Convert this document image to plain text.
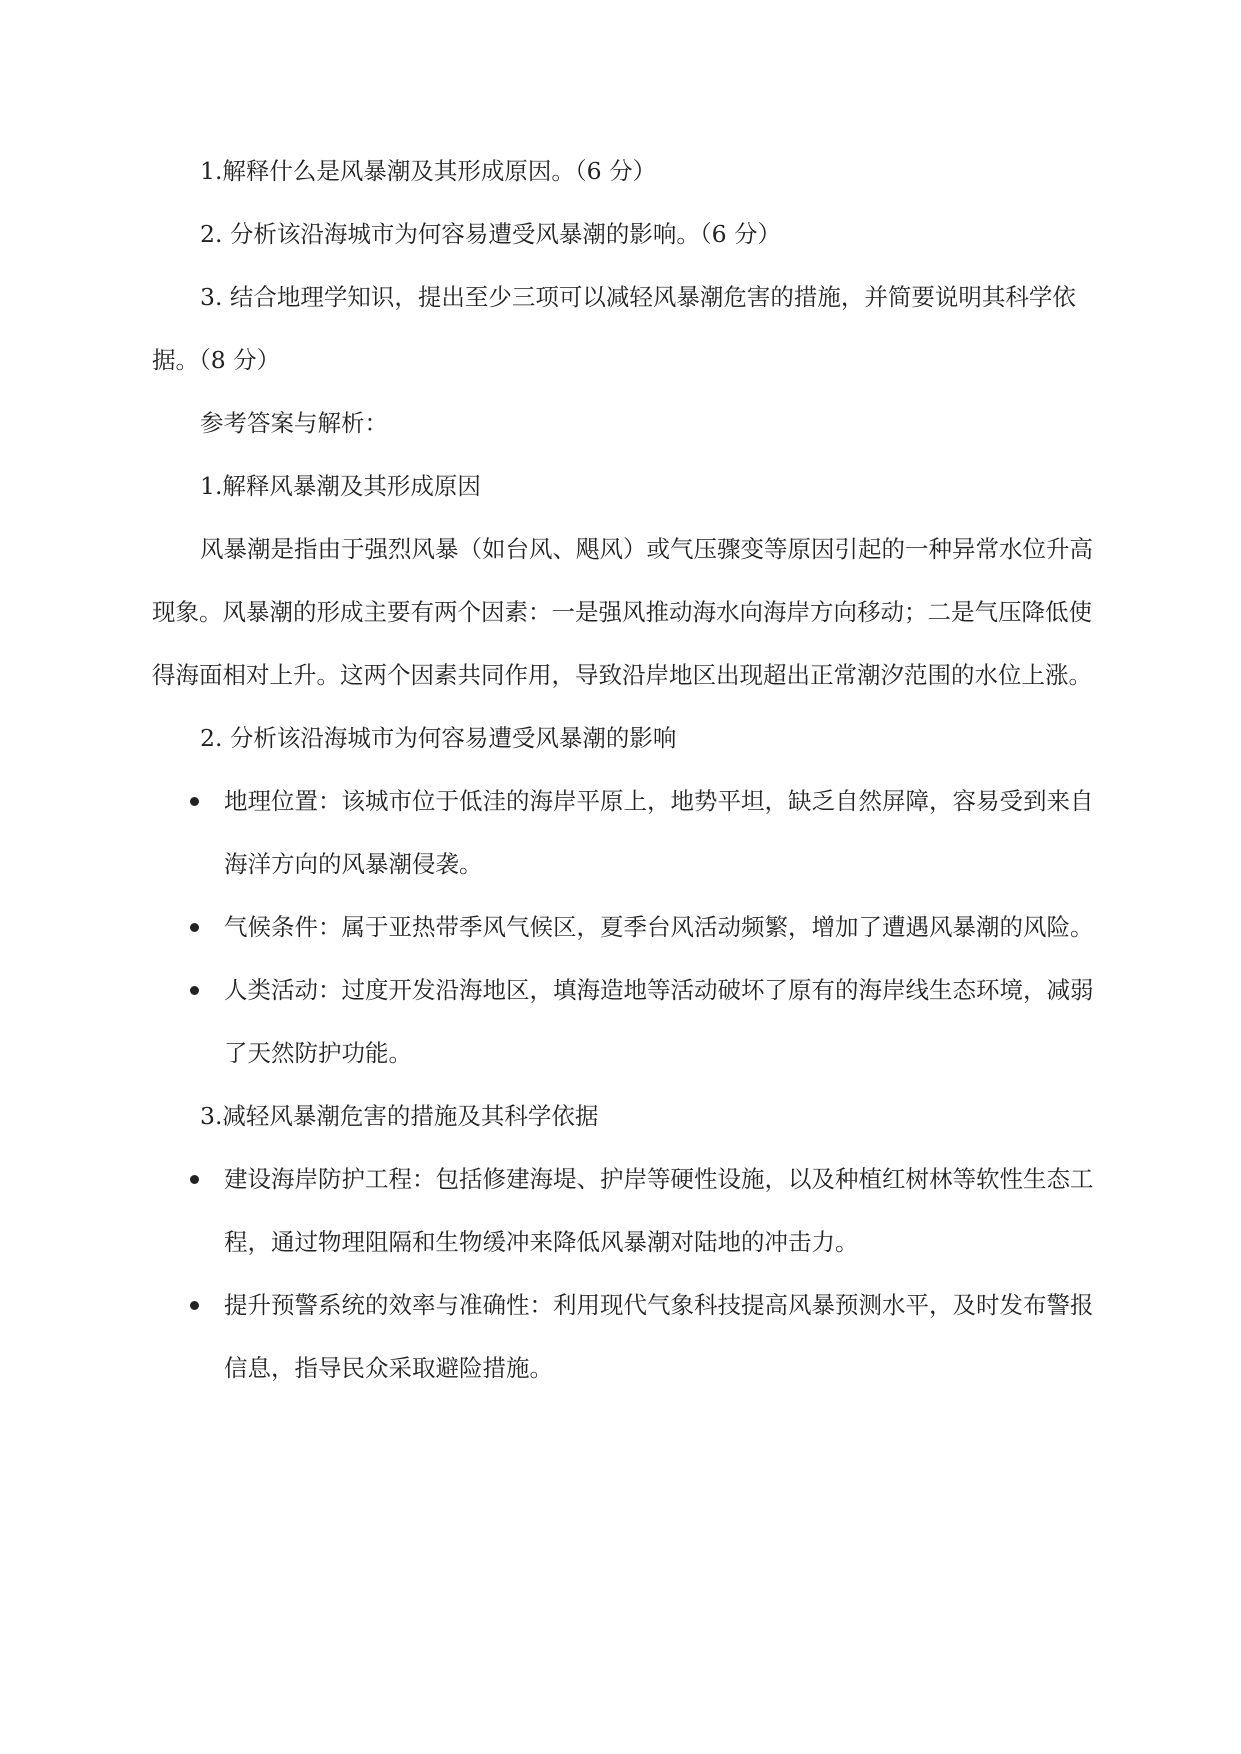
1.解释什么是风暴潮及其形成原因。（6 分）

2. 分析该沿海城市为何容易遭受风暴潮的影响。（6 分）

3. 结合地理学知识，提出至少三项可以减轻风暴潮危害的措施，并简要说明其科学依据。（8 分）

参考答案与解析：

1.解释风暴潮及其形成原因

风暴潮是指由于强烈风暴（如台风、飓风）或气压骤变等原因引起的一种异常水位升高现象。风暴潮的形成主要有两个因素：一是强风推动海水向海岸方向移动；二是气压降低使得海面相对上升。这两个因素共同作用，导致沿岸地区出现超出正常潮汐范围的水位上涨。

2. 分析该沿海城市为何容易遭受风暴潮的影响

地理位置：该城市位于低洼的海岸平原上，地势平坦，缺乏自然屏障，容易受到来自海洋方向的风暴潮侵袭。
气候条件：属于亚热带季风气候区，夏季台风活动频繁，增加了遭遇风暴潮的风险。
人类活动：过度开发沿海地区，填海造地等活动破坏了原有的海岸线生态环境，减弱了天然防护功能。

3.减轻风暴潮危害的措施及其科学依据

建设海岸防护工程：包括修建海堤、护岸等硬性设施，以及种植红树林等软性生态工程，通过物理阻隔和生物缓冲来降低风暴潮对陆地的冲击力。
提升预警系统的效率与准确性：利用现代气象科技提高风暴预测水平，及时发布警报信息，指导民众采取避险措施。
